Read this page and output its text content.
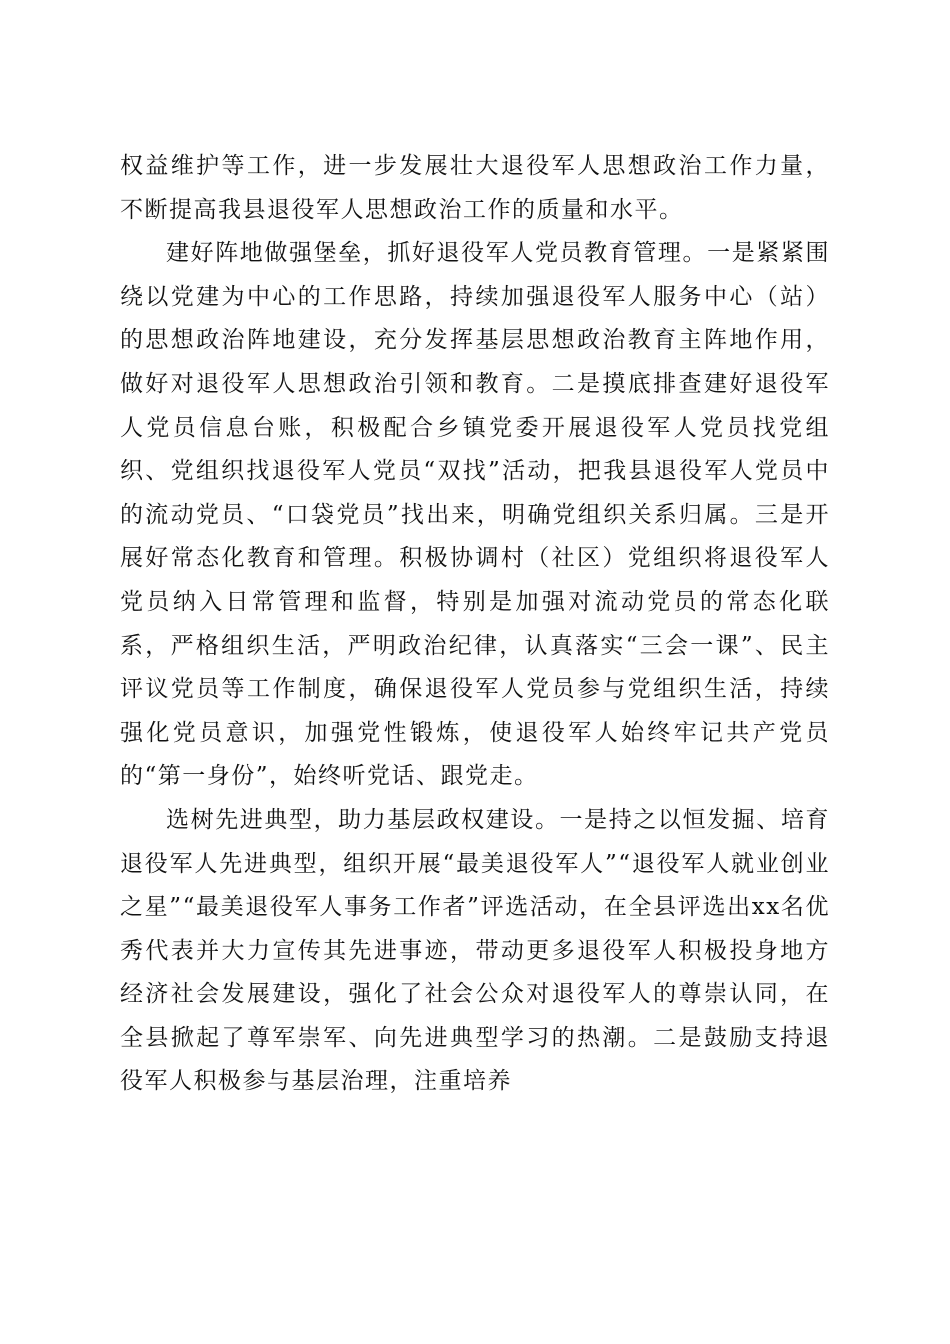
权益维护等工作，进一步发展壮大退役军人思想政治工作力量，不断提高我县退役军人思想政治工作的质量和水平。

建好阵地做强堡垒，抓好退役军人党员教育管理。一是紧紧围绕以党建为中心的工作思路，持续加强退役军人服务中心（站）的思想政治阵地建设，充分发挥基层思想政治教育主阵地作用，做好对退役军人思想政治引领和教育。二是摸底排查建好退役军人党员信息台账，积极配合乡镇党委开展退役军人党员找党组织、党组织找退役军人党员“双找”活动，把我县退役军人党员中的流动党员、“口袋党员”找出来，明确党组织关系归属。三是开展好常态化教育和管理。积极协调村（社区）党组织将退役军人党员纳入日常管理和监督，特别是加强对流动党员的常态化联系，严格组织生活，严明政治纪律，认真落实“三会一课”、民主评议党员等工作制度，确保退役军人党员参与党组织生活，持续强化党员意识，加强党性锻炼，使退役军人始终牢记共产党员的“第一身份”，始终听党话、跟党走。

选树先进典型，助力基层政权建设。一是持之以恒发掘、培育退役军人先进典型，组织开展“最美退役军人”“退役军人就业创业之星”“最美退役军人事务工作者”评选活动，在全县评选出xx名优秀代表并大力宣传其先进事迹，带动更多退役军人积极投身地方经济社会发展建设，强化了社会公众对退役军人的尊崇认同，在全县掀起了尊军崇军、向先进典型学习的热潮。二是鼓励支持退役军人积极参与基层治理，注重培养
